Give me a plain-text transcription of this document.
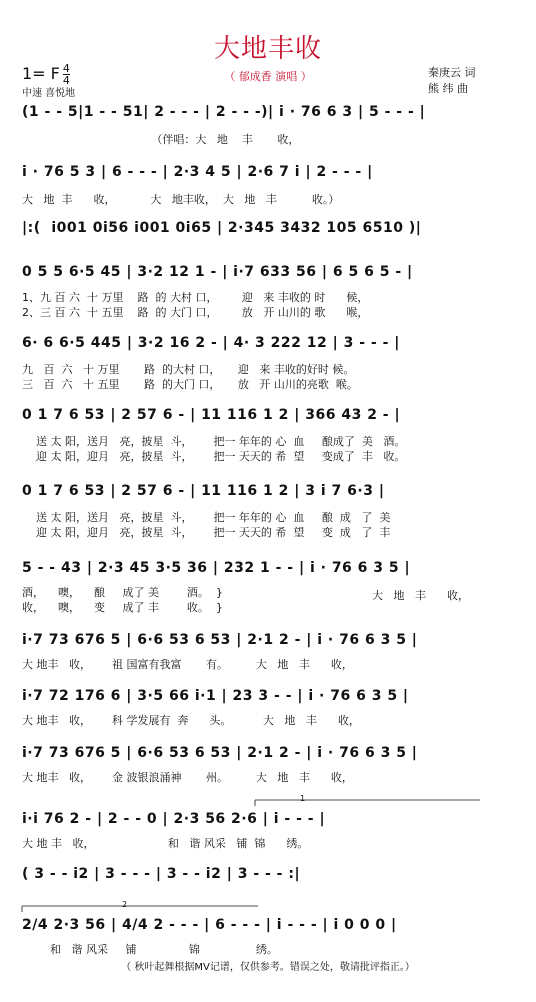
大地丰收
1= F $\frac{4}{4}$	（ 郁成香 演唱 ）	秦庚云 词
熊 纬 曲
中速 喜悦地
(1 - - 5|1 - - 51| 2 - - - | 2 - - -)| i · 76 6 3 | 5 - - - |
（伴唱：大   地    丰       收，
i · 76 5 3 | 6 - - - | 2·3 4 5 | 2·6 7 i | 2 - - - |
大   地  丰      收，          大   地丰收，  大   地   丰          收。）
|:(  i001 0i56 i001 0i65 | 2·345 3432 105 6510 )|
0 5 5 6·5 45 | 3·2 12 1 - | i·7 633 56 | 6 5 6 5 - |
1、九 百 六  十 万里    路  的 大村 口，       迎   来 丰收的 时      候，
2、三 百 六  十 五里    路  的 大门 口，       放   开 山川的 歌      喉，
6· 6 6·5 445 | 3·2 16 2 - | 4· 3 222 12 | 3 - - - |
九   百  六   十 万里       路  的大村 口，     迎   来 丰收的好时 候。
三   百  六   十 五里       路  的大门 口，     放   开 山川的亮歌  喉。
0 1 7 6 53 | 2 57 6 - | 11 116 1 2 | 366 43 2 - |
送 太 阳，送月   亮，披星  斗，      把一 年年的 心  血     酿成了  美   酒。
迎 太 阳，迎月   亮，披星  斗，      把一 天天的 希  望     变成了  丰   收。
0 1 7 6 53 | 2 57 6 - | 11 116 1 2 | 3 i 7 6·3 |
送 太 阳，送月   亮，披星  斗，      把一 年年的 心  血     酿  成   了  美
迎 太 阳，迎月   亮，披星  斗，      把一 天天的 希  望     变  成   了  丰
5 - - 43 | 2·3 45 3·5 36 | 232 1 - - | i · 76 6 3 5 |
酒，    噢，    酿     成了 美        酒。  }
收，    噢，    变     成了 丰        收。  }
大   地   丰      收，
i·7 73 676 5 | 6·6 53 6 53 | 2·1 2 - | i · 76 6 3 5 |
大 地丰   收，      祖 国富有我富       有。        大   地   丰      收，
i·7 72 176 6 | 3·5 66 i·1 | 23 3 - - | i · 76 6 3 5 |
大 地丰   收，      科 学发展有  奔      头。         大   地   丰      收，
i·7 73 676 5 | 6·6 53 6 53 | 2·1 2 - | i · 76 6 3 5 |
大 地丰   收，      金 波银浪涌神       州。        大   地   丰      收，
i·i 76 2 - | 2 - - 0 | 2·3 56 2·6 | i - - - |
大 地 丰   收，                     和   谐 风采   铺  锦      绣。
( 3 - - i2 | 3 - - - | 3 - - i2 | 3 - - - :|
2/4 2·3 56 | 4/4 2 - - - | 6 - - - | i - - - | i 0 0 0 |
和   谐 风采     铺               锦                绣。
1
2
（ 秋叶起舞根据MV记谱，仅供参考。错误之处，敬请批评指正。）
